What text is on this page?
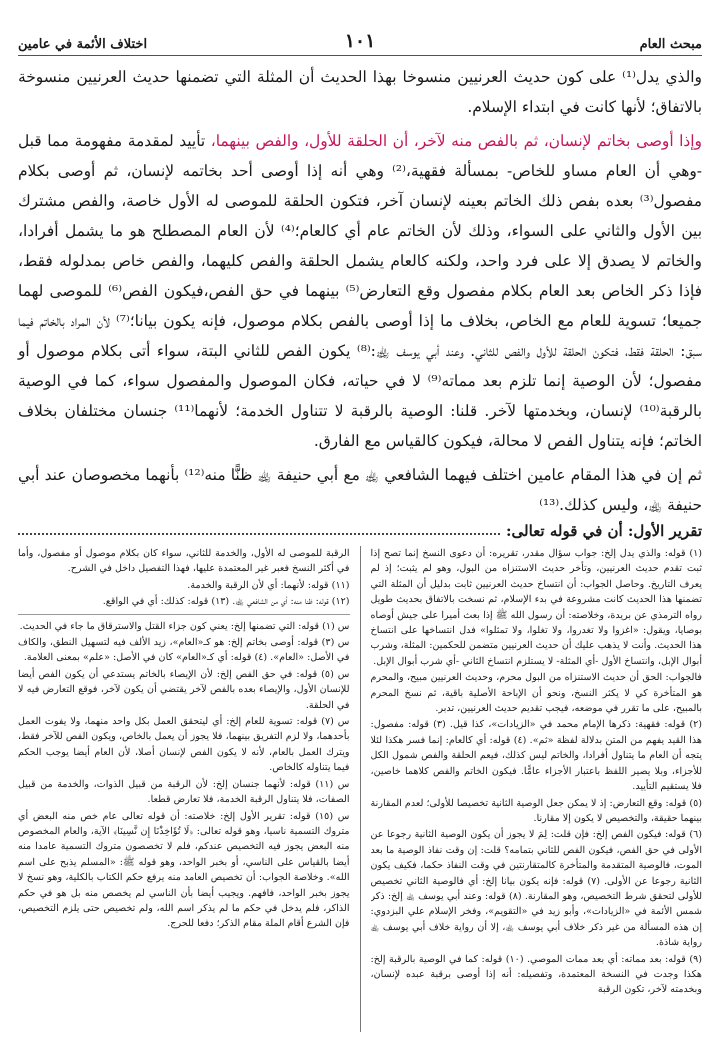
مبحث العام
١٠١
اختلاف الأئمة في عامين

والذي يدل⁽¹⁾ على كون حديث العرنيين منسوخا بهذا الحديث أن المثلة التي تضمنها حديث العرنيين منسوخة بالاتفاق؛ لأنها كانت في ابتداء الإسلام.

وإذا أوصى بخاتم لإنسان، ثم بالفص منه لآخر، أن الحلقة للأول، والفص بينهما، تأييد لمقدمة مفهومة مما قبل -وهي أن العام مساو للخاص- بمسألة فقهية،⁽²⁾ وهي أنه إذا أوصى أحد بخاتمه لإنسان، ثم أوصى بكلام مفصول⁽³⁾ بعده بفص ذلك الخاتم بعينه لإنسان آخر، فتكون الحلقة للموصى له الأول خاصة، والفص مشترك بين الأول والثاني على السواء، وذلك لأن الخاتم عام أي كالعام؛⁽⁴⁾ لأن العام المصطلح هو ما يشمل أفرادا، والخاتم لا يصدق إلا على فرد واحد، ولكنه كالعام يشمل الحلقة والفص كليهما، والفص خاص بمدلوله فقط، فإذا ذكر الخاص بعد العام بكلام مفصول وقع التعارض⁽⁵⁾ بينهما في حق الفص،فيكون الفص⁽⁶⁾ للموصى لهما جميعا؛ تسوية للعام مع الخاص، بخلاف ما إذا أوصى بالفص بكلام موصول، فإنه يكون بيانا؛⁽⁷⁾ لأن المراد بالخاتم فيما سبق: الحلقة فقط، فتكون الحلقة للأول والفص للثاني. وعند أبي يوسف ﵀:⁽⁸⁾ يكون الفص للثاني البتة، سواء أتى بكلام موصول أو مفصول؛ لأن الوصية إنما تلزم بعد مماته⁽⁹⁾ لا في حياته، فكان الموصول والمفصول سواء، كما في الوصية بالرقبة⁽¹⁰⁾ لإنسان، وبخدمتها لآخر. قلنا: الوصية بالرقبة لا تتناول الخدمة؛ لأنهما⁽¹¹⁾ جنسان مختلفان بخلاف الخاتم؛ فإنه يتناول الفص لا محالة، فيكون كالقياس مع الفارق.

ثم إن في هذا المقام عامين اختلف فيهما الشافعي ﵀ مع أبي حنيفة ﵀ ظنًّا منه⁽¹²⁾ بأنهما مخصوصان عند أبي حنيفة ﵀، وليس كذلك.⁽¹³⁾

تقرير الأول: أن في قوله تعالى:

(١) قوله: والذي يدل إلخ: جواب سؤال مقدر، تقريره: أن دعوى النسخ إنما تصح إذا ثبت تقدم حديث العرنيين، وتأخر حديث الاستنزاه من البول، وهو لم يثبت؛ إذ لم يعرف التاريخ. وحاصل الجواب: أن انتساخ حديث العرنيين ثابت بدليل أن المثلة التي تضمنها هذا الحديث كانت مشروعة في بدء الإسلام، ثم نسخت بالاتفاق بحديث طويل رواه الترمذي عن بريدة، وخلاصته: أن رسول الله ﷺ إذا بعث أميرا على جيش أوصاه بوصايا، ويقول: «اغزوا ولا تغدروا، ولا تغلوا، ولا تمثلوا» فدل انتساخها على انتساخ هذا الحديث. وأنت لا يذهب عليك أن حديث العرنيين متضمن للحكمين: المثلة، وشرب أبوال الإبل، وانتساخ الأول -أي المثلة- لا يستلزم انتساخ الثاني -أي شرب أبوال الإبل.

فالجواب: الحق أن حديث الاستنزاه من البول محرم، وحديث العرنيين مبيح، والمحرم هو المتأخرة كي لا يكثر النسخ، ونحو أن الإباحة الأصلية باقية، ثم نسخ المحرم بالمبيح، على ما تقرر في موضعه، فيجب تقديم حديث العرنيين، تدبر.

(٢) قوله: فقهية: ذكرها الإمام محمد في «الزيادات»، كذا قيل. (٣) قوله: مفصول: هذا القيد يفهم من المتن بدلالة لفظة «ثم». (٤) قوله: أي كالعام: إنما فسر هكذا لئلا يتجه أن العام ما يتناول أفرادا، والخاتم ليس كذلك، فيعم الحلقة والفص شمول الكل للأجزاء، وبلا يصير اللفظ باعتبار الأجزاء عامًّا. فيكون الخاتم والفص كلاهما خاصين، فلا يستقيم التأييد.

(٥) قوله: وقع التعارض: إذ لا يمكن جعل الوصية الثانية تخصيصا للأولى؛ لعدم المقارنة بينهما حقيقة، والتخصيص لا يكون إلا مقارنا.

(٦) قوله: فيكون الفص إلخ: فإن قلت: لِمَ لا يجوز أن يكون الوصية الثانية رجوعا عن الأولى في حق الفص، فيكون الفص للثاني بتمامه؟ قلت: إن وقت نفاذ الوصية ما بعد الموت، فالوصية المتقدمة والمتأخرة كالمتقارنتين في وقت النفاذ حكما، فكيف يكون الثانية رجوعا عن الأولى. (٧) قوله: فإنه يكون بيانا إلخ: أي فالوصية الثاني تخصيص للأولى لتحقق شرط التخصيص، وهو المقارنة. (٨) قوله: وعند أبي يوسف ﵀ إلخ: ذكر شمس الأئمة في «الزيادات»، وأبو زيد في «التقويم»، وفخر الإسلام علي البزدوي: إن هذه المسألة من غير ذكر خلاف أبي يوسف ﵀، إلا أن رواية خلاف أبي يوسف ﵀ رواية شاذة.

(٩) قوله: بعد مماته: أي بعد ممات الموصي. (١٠) قوله: كما في الوصية بالرقبة إلخ: هكذا وجدت في النسخة المعتمدة، وتفصيله: أنه إذا أوصى برقبة عبده لإنسان، وبخدمته لآخر، تكون الرقبة

الرقبة للموصى له الأول، والخدمة للثاني، سواء كان بكلام موصول أو مفصول، وأما في أكثر النسخ فعبر غير المعتمدة عليها، فهذا التفصيل داخل في الشرح.

(١١) قوله: لأنهما: أي لأن الرقبة والخدمة.

(١٢) قوله: ظنا منه: أي من الشافعي ﵀. (١٣) قوله: كذلك: أي في الواقع.

س (١) قوله: التي تضمنها إلخ: يعني كون جزاء القتل والاسترقاق ما جاء في الحديث.

س (٣) قوله: أوصى بخاتم إلخ: هو كـ«العام»، زيد الألف فيه لتسهيل النطق، والكاف في الأصل: «العام». (٤) قوله: أي كـ«العام» كان في الأصل: «علم» بمعنى العلامة.

س (٥) قوله: في حق الفص إلخ: لأن الإيصاء بالخاتم يستدعي أن يكون الفص أيضا للإنسان الأول، والإيصاء بعده بالفص لآخر يقتضي أن يكون لآخر، فوقع التعارض فيه لا في الحلقة.

س (٧) قوله: تسوية للعام إلخ: أي ليتحقق العمل بكل واحد منهما، ولا يفوت العمل بأحدهما، ولا لزم التفريق بينهما، فلا يجوز أن يعمل بالخاص، ويكون الفص للآخر فقط، ويترك العمل بالعام، لأنه لا يكون الفص لإنسان أصلا، لأن العام أيضا يوجب الحكم فيما يتناوله كالخاص.

س (١١) قوله: لأنهما جنسان إلخ: لأن الرقبة من قبيل الذوات، والخدمة من قبيل الصفات، فلا يتناول الرقبة الخدمة، فلا تعارض قطعا.

س (١٥) قوله: تقرير الأول إلخ: خلاصته: أن قوله تعالى عام خص منه البعض أي متروك التسمية ناسيا، وهو قوله تعالى: ﴿لَا تُؤَاخِذْنَا إِن نَّسِينَا﴾ الآية، والعام المخصوص منه البعض يجوز فيه التخصيص عندكم، فلم لا تخصصون متروك التسمية عامدا منه أيضا بالقياس على الناسي، أو بخبر الواحد، وهو قوله ﷺ: «المسلم يذبح على اسم الله». وخلاصة الجواب: أن تخصيص العامد منه يرفع حكم الكتاب بالكلية، وهو نسخ لا يجوز بخبر الواحد، فافهم. ويجيب أيضا بأن الناسي لم يخصص منه بل هو في حكم الذاكر، فلم يدخل في حكم ما لم يذكر اسم الله، ولم تخصيص حتى يلزم التخصيص، فإن الشرع أقام الملة مقام الذكر؛ دفعا للحرج.
